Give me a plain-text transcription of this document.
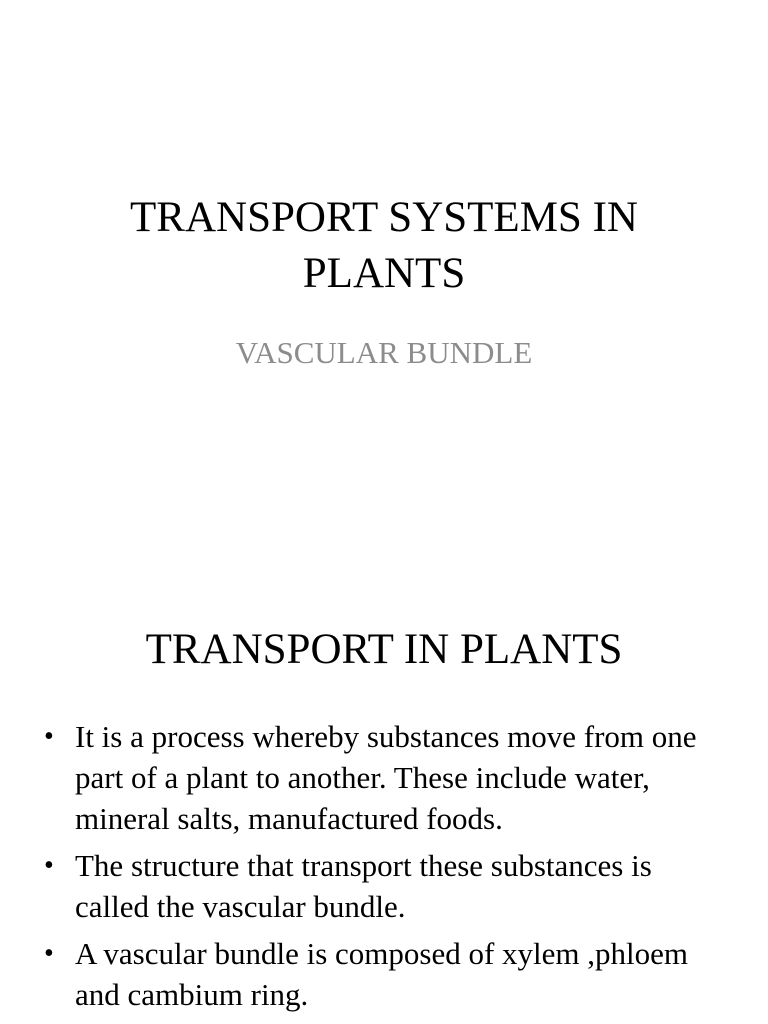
TRANSPORT SYSTEMS IN PLANTS
VASCULAR BUNDLE
TRANSPORT IN PLANTS
• It is a process whereby substances move from one part of a plant to another. These include water, mineral salts, manufactured foods.
• The structure that transport these substances is called the vascular bundle.
• A vascular bundle is composed of xylem ,phloem and cambium ring.
